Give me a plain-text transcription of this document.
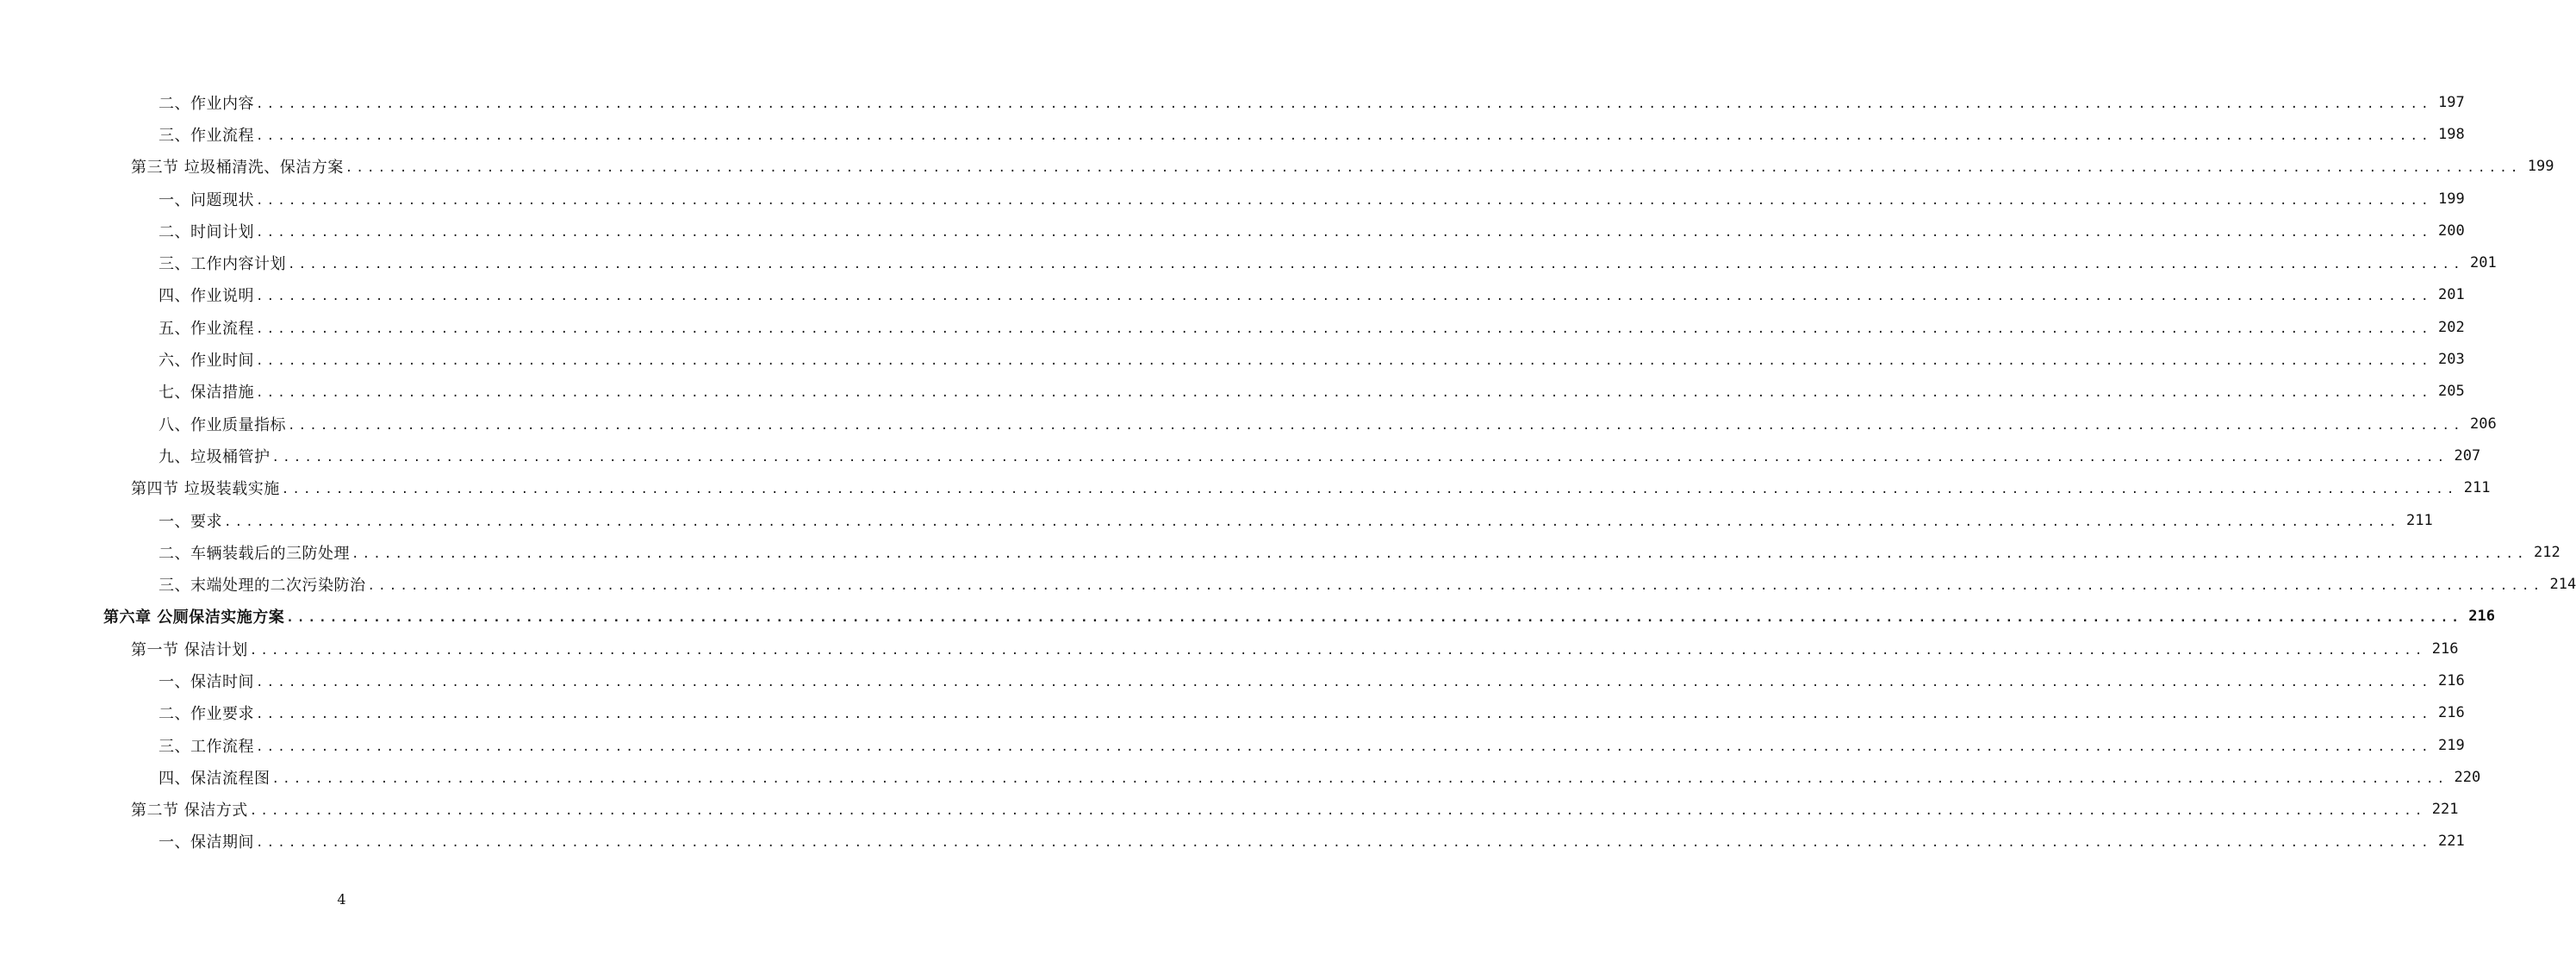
二、作业内容 ........................................................................................................................................................................................................ 197
三、作业流程 ........................................................................................................................................................................................................ 198
第三节 垃圾桶清洗、保洁方案 ........................................................................................................................................................................................................ 199
一、问题现状 ........................................................................................................................................................................................................ 199
二、时间计划 ........................................................................................................................................................................................................ 200
三、工作内容计划 ........................................................................................................................................................................................................ 201
四、作业说明 ........................................................................................................................................................................................................ 201
五、作业流程 ........................................................................................................................................................................................................ 202
六、作业时间 ........................................................................................................................................................................................................ 203
七、保洁措施 ........................................................................................................................................................................................................ 205
八、作业质量指标 ........................................................................................................................................................................................................ 206
九、垃圾桶管护 ........................................................................................................................................................................................................ 207
第四节 垃圾装载实施 ........................................................................................................................................................................................................ 211
一、要求 ........................................................................................................................................................................................................ 211
二、车辆装载后的三防处理 ........................................................................................................................................................................................................ 212
三、末端处理的二次污染防治 ........................................................................................................................................................................................................ 214
第六章 公厕保洁实施方案 ........................................................................................................................................................................................................ 216
第一节 保洁计划 ........................................................................................................................................................................................................ 216
一、保洁时间 ........................................................................................................................................................................................................ 216
二、作业要求 ........................................................................................................................................................................................................ 216
三、工作流程 ........................................................................................................................................................................................................ 219
四、保洁流程图 ........................................................................................................................................................................................................ 220
第二节 保洁方式 ........................................................................................................................................................................................................ 221
一、保洁期间 ........................................................................................................................................................................................................ 221
4
